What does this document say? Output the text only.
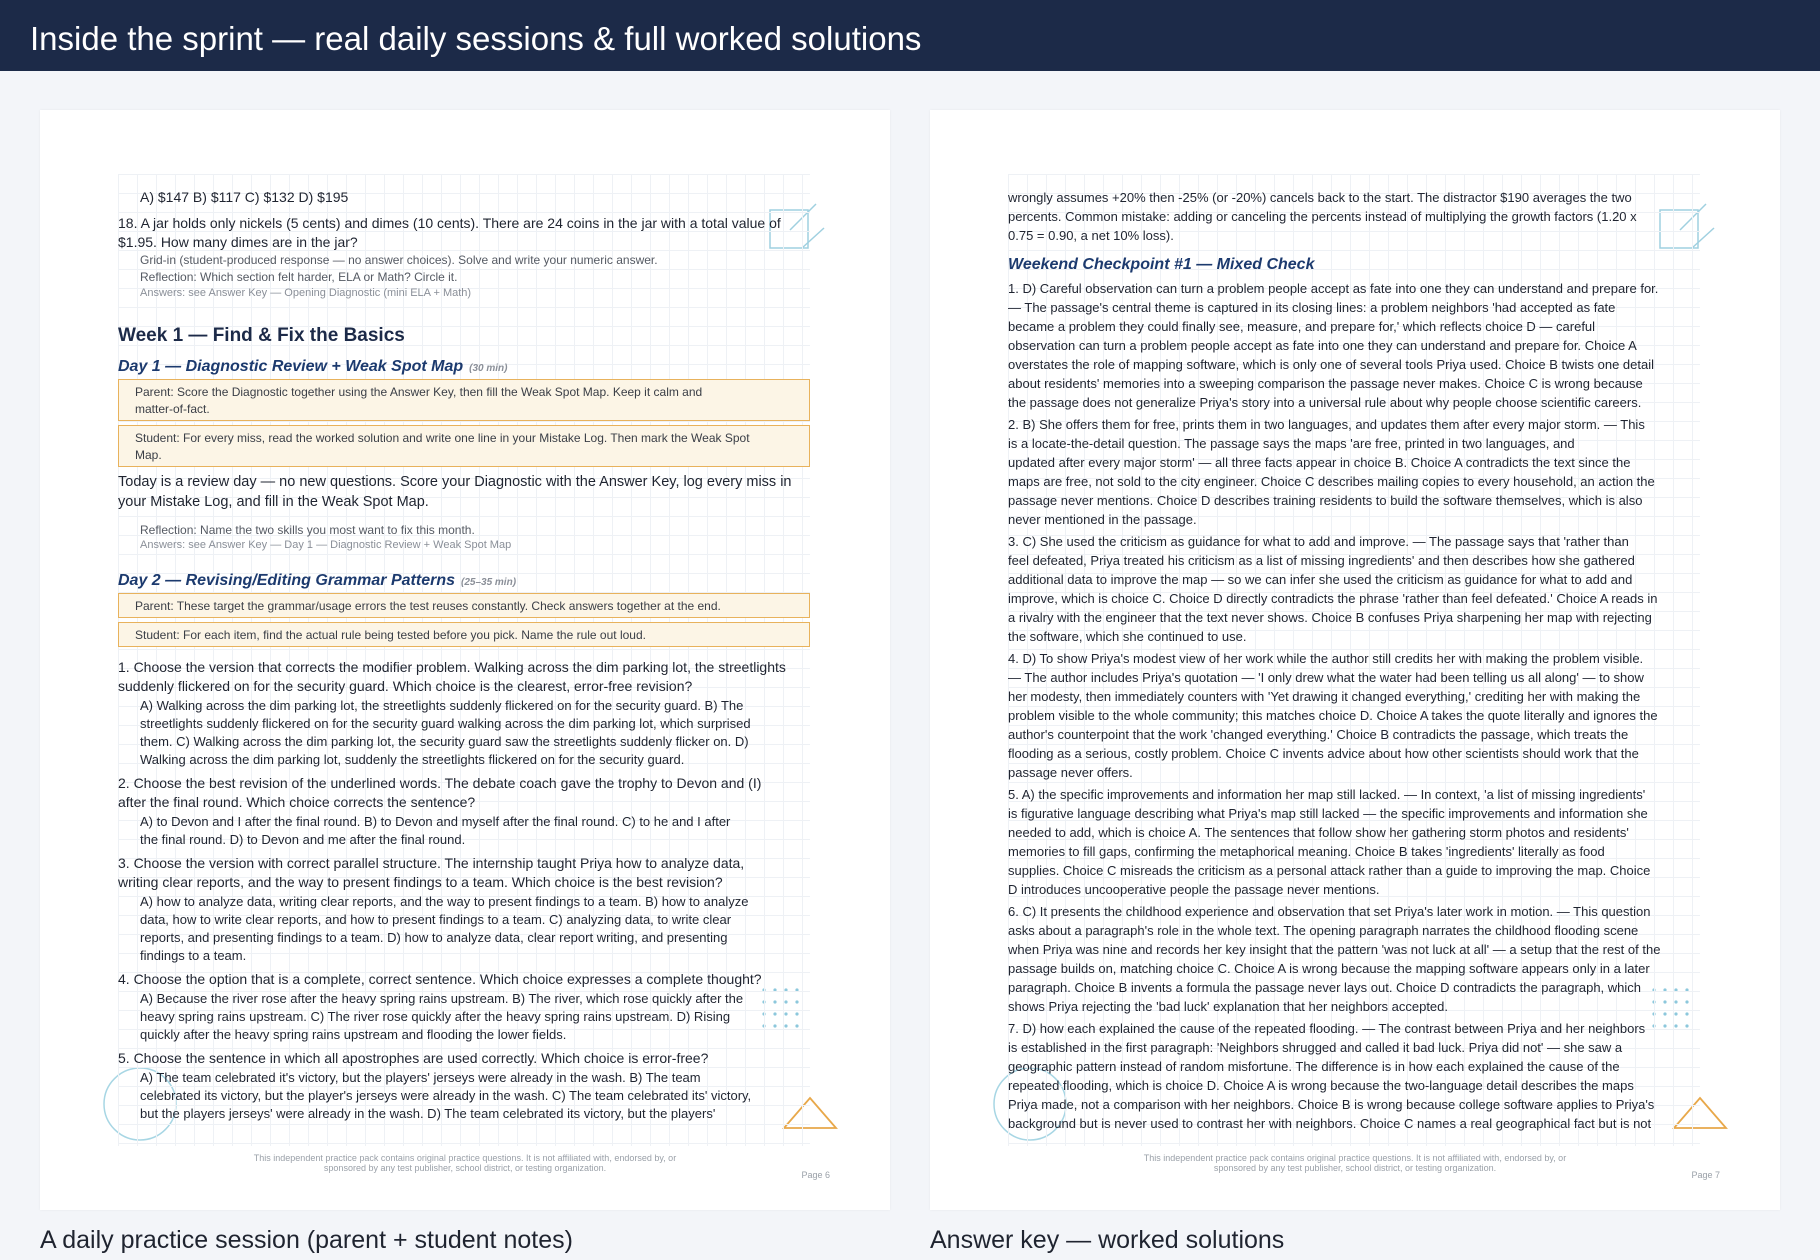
Inside the sprint — real daily sessions & full worked solutions
A) $147 B) $117 C) $132 D) $195
18. A jar holds only nickels (5 cents) and dimes (10 cents). There are 24 coins in the jar with a total value of
$1.95. How many dimes are in the jar?
Grid-in (student-produced response — no answer choices). Solve and write your numeric answer.
Reflection: Which section felt harder, ELA or Math? Circle it.
Answers: see Answer Key — Opening Diagnostic (mini ELA + Math)
Week 1 — Find & Fix the Basics
Day 1 — Diagnostic Review + Weak Spot Map (30 min)
Parent: Score the Diagnostic together using the Answer Key, then fill the Weak Spot Map. Keep it calm and
matter-of-fact.
Student: For every miss, read the worked solution and write one line in your Mistake Log. Then mark the Weak Spot
Map.
Today is a review day — no new questions. Score your Diagnostic with the Answer Key, log every miss in
your Mistake Log, and fill in the Weak Spot Map.
Reflection: Name the two skills you most want to fix this month.
Answers: see Answer Key — Day 1 — Diagnostic Review + Weak Spot Map
Day 2 — Revising/Editing Grammar Patterns (25–35 min)
Parent: These target the grammar/usage errors the test reuses constantly. Check answers together at the end.
Student: For each item, find the actual rule being tested before you pick. Name the rule out loud.
1. Choose the version that corrects the modifier problem. Walking across the dim parking lot, the streetlights
suddenly flickered on for the security guard. Which choice is the clearest, error-free revision?
A) Walking across the dim parking lot, the streetlights suddenly flickered on for the security guard. B) The
streetlights suddenly flickered on for the security guard walking across the dim parking lot, which surprised
them. C) Walking across the dim parking lot, the security guard saw the streetlights suddenly flicker on. D)
Walking across the dim parking lot, suddenly the streetlights flickered on for the security guard.
2. Choose the best revision of the underlined words. The debate coach gave the trophy to Devon and (I)
after the final round. Which choice corrects the sentence?
A) to Devon and I after the final round. B) to Devon and myself after the final round. C) to he and I after
the final round. D) to Devon and me after the final round.
3. Choose the version with correct parallel structure. The internship taught Priya how to analyze data,
writing clear reports, and the way to present findings to a team. Which choice is the best revision?
A) how to analyze data, writing clear reports, and the way to present findings to a team. B) how to analyze
data, how to write clear reports, and how to present findings to a team. C) analyzing data, to write clear
reports, and presenting findings to a team. D) how to analyze data, clear report writing, and presenting
findings to a team.
4. Choose the option that is a complete, correct sentence. Which choice expresses a complete thought?
A) Because the river rose after the heavy spring rains upstream. B) The river, which rose quickly after the
heavy spring rains upstream. C) The river rose quickly after the heavy spring rains upstream. D) Rising
quickly after the heavy spring rains upstream and flooding the lower fields.
5. Choose the sentence in which all apostrophes are used correctly. Which choice is error-free?
A) The team celebrated it's victory, but the players' jerseys were already in the wash. B) The team
celebrated its victory, but the player's jerseys were already in the wash. C) The team celebrated its' victory,
but the players jerseys' were already in the wash. D) The team celebrated its victory, but the players'
This independent practice pack contains original practice questions. It is not affiliated with, endorsed by, or
sponsored by any test publisher, school district, or testing organization.
Page 6
wrongly assumes +20% then -25% (or -20%) cancels back to the start. The distractor $190 averages the two
percents. Common mistake: adding or canceling the percents instead of multiplying the growth factors (1.20 x
0.75 = 0.90, a net 10% loss).
Weekend Checkpoint #1 — Mixed Check
1. D) Careful observation can turn a problem people accept as fate into one they can understand and prepare for.
— The passage's central theme is captured in its closing lines: a problem neighbors 'had accepted as fate
became a problem they could finally see, measure, and prepare for,' which reflects choice D — careful
observation can turn a problem people accept as fate into one they can understand and prepare for. Choice A
overstates the role of mapping software, which is only one of several tools Priya used. Choice B twists one detail
about residents' memories into a sweeping comparison the passage never makes. Choice C is wrong because
the passage does not generalize Priya's story into a universal rule about why people choose scientific careers.
2. B) She offers them for free, prints them in two languages, and updates them after every major storm. — This
is a locate-the-detail question. The passage says the maps 'are free, printed in two languages, and
updated after every major storm' — all three facts appear in choice B. Choice A contradicts the text since the
maps are free, not sold to the city engineer. Choice C describes mailing copies to every household, an action the
passage never mentions. Choice D describes training residents to build the software themselves, which is also
never mentioned in the passage.
3. C) She used the criticism as guidance for what to add and improve. — The passage says that 'rather than
feel defeated, Priya treated his criticism as a list of missing ingredients' and then describes how she gathered
additional data to improve the map — so we can infer she used the criticism as guidance for what to add and
improve, which is choice C. Choice D directly contradicts the phrase 'rather than feel defeated.' Choice A reads in
a rivalry with the engineer that the text never shows. Choice B confuses Priya sharpening her map with rejecting
the software, which she continued to use.
4. D) To show Priya's modest view of her work while the author still credits her with making the problem visible.
— The author includes Priya's quotation — 'I only drew what the water had been telling us all along' — to show
her modesty, then immediately counters with 'Yet drawing it changed everything,' crediting her with making the
problem visible to the whole community; this matches choice D. Choice A takes the quote literally and ignores the
author's counterpoint that the work 'changed everything.' Choice B contradicts the passage, which treats the
flooding as a serious, costly problem. Choice C invents advice about how other scientists should work that the
passage never offers.
5. A) the specific improvements and information her map still lacked. — In context, 'a list of missing ingredients'
is figurative language describing what Priya's map still lacked — the specific improvements and information she
needed to add, which is choice A. The sentences that follow show her gathering storm photos and residents'
memories to fill gaps, confirming the metaphorical meaning. Choice B takes 'ingredients' literally as food
supplies. Choice C misreads the criticism as a personal attack rather than a guide to improving the map. Choice
D introduces uncooperative people the passage never mentions.
6. C) It presents the childhood experience and observation that set Priya's later work in motion. — This question
asks about a paragraph's role in the whole text. The opening paragraph narrates the childhood flooding scene
when Priya was nine and records her key insight that the pattern 'was not luck at all' — a setup that the rest of the
passage builds on, matching choice C. Choice A is wrong because the mapping software appears only in a later
paragraph. Choice B invents a formula the passage never lays out. Choice D contradicts the paragraph, which
shows Priya rejecting the 'bad luck' explanation that her neighbors accepted.
7. D) how each explained the cause of the repeated flooding. — The contrast between Priya and her neighbors
is established in the first paragraph: 'Neighbors shrugged and called it bad luck. Priya did not' — she saw a
geographic pattern instead of random misfortune. The difference is in how each explained the cause of the
repeated flooding, which is choice D. Choice A is wrong because the two-language detail describes the maps
Priya made, not a comparison with her neighbors. Choice B is wrong because college software applies to Priya's
background but is never used to contrast her with neighbors. Choice C names a real geographical fact but is not
This independent practice pack contains original practice questions. It is not affiliated with, endorsed by, or
sponsored by any test publisher, school district, or testing organization.
Page 7
A daily practice session (parent + student notes)	Answer key — worked solutions
